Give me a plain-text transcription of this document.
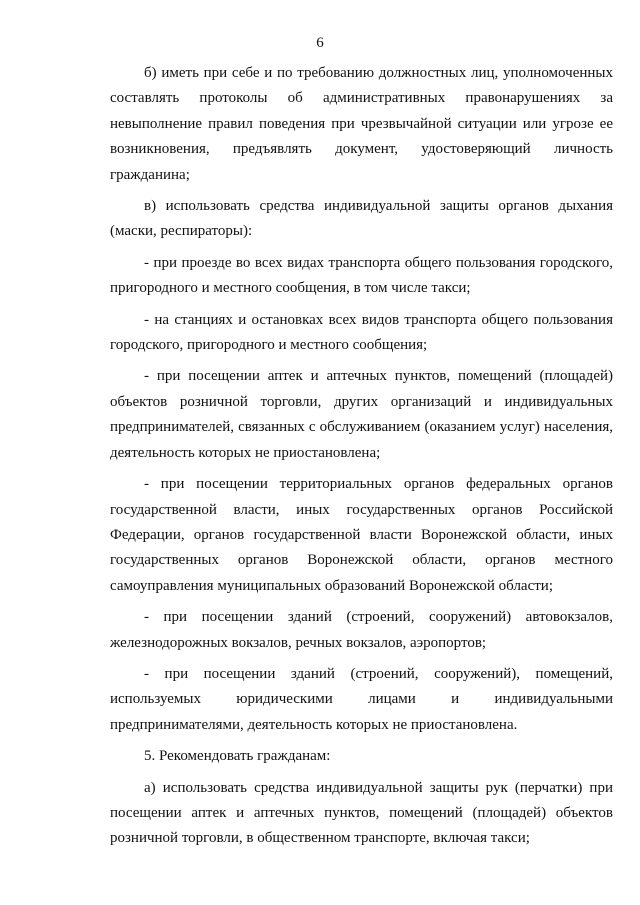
6

б) иметь при себе и по требованию должностных лиц, уполномоченных составлять протоколы об административных правонарушениях за невыполнение правил поведения при чрезвычайной ситуации или угрозе ее возникновения, предъявлять документ, удостоверяющий личность гражданина;

в) использовать средства индивидуальной защиты органов дыхания (маски, респираторы):

- при проезде во всех видах транспорта общего пользования городского, пригородного и местного сообщения, в том числе такси;

- на станциях и остановках всех видов транспорта общего пользования городского, пригородного и местного сообщения;

- при посещении аптек и аптечных пунктов, помещений (площадей) объектов розничной торговли, других организаций и индивидуальных предпринимателей, связанных с обслуживанием (оказанием услуг) населения, деятельность которых не приостановлена;

- при посещении территориальных органов федеральных органов государственной власти, иных государственных органов Российской Федерации, органов государственной власти Воронежской области, иных государственных органов Воронежской области, органов местного самоуправления муниципальных образований Воронежской области;

- при посещении зданий (строений, сооружений) автовокзалов, железнодорожных вокзалов, речных вокзалов, аэропортов;

- при посещении зданий (строений, сооружений), помещений, используемых юридическими лицами и индивидуальными предпринимателями, деятельность которых не приостановлена.

5. Рекомендовать гражданам:

а) использовать средства индивидуальной защиты рук (перчатки) при посещении аптек и аптечных пунктов, помещений (площадей) объектов розничной торговли, в общественном транспорте, включая такси;
